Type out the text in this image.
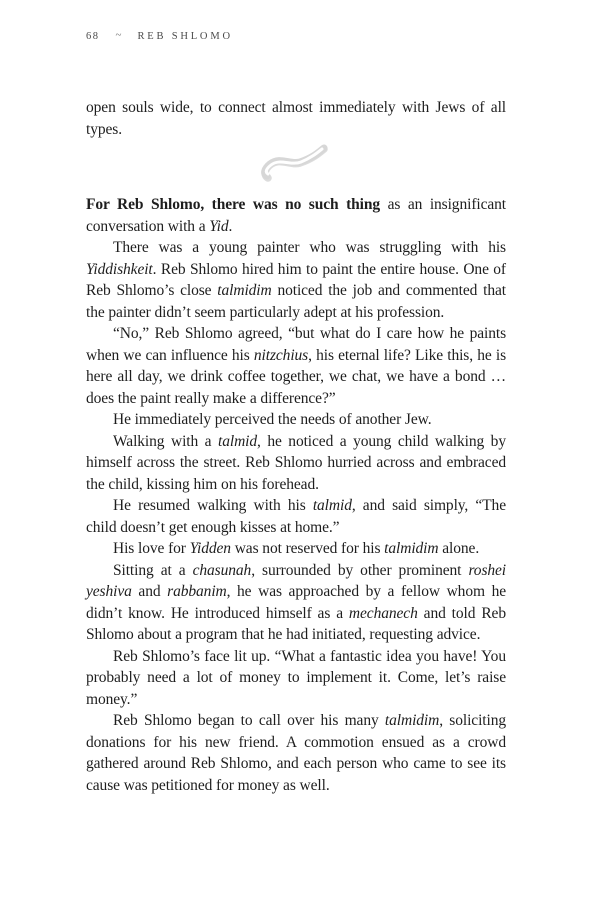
68 ~ REB SHLOMO

open souls wide, to connect almost immediately with Jews of all types.

For Reb Shlomo, there was no such thing as an insignificant conversation with a Yid.

There was a young painter who was struggling with his Yiddishkeit. Reb Shlomo hired him to paint the entire house. One of Reb Shlomo’s close talmidim noticed the job and commented that the painter didn’t seem particularly adept at his profession.

“No,” Reb Shlomo agreed, “but what do I care how he paints when we can influence his nitzchius, his eternal life? Like this, he is here all day, we drink coffee together, we chat, we have a bond … does the paint really make a difference?”

He immediately perceived the needs of another Jew.

Walking with a talmid, he noticed a young child walking by himself across the street. Reb Shlomo hurried across and embraced the child, kissing him on his forehead.

He resumed walking with his talmid, and said simply, “The child doesn’t get enough kisses at home.”

His love for Yidden was not reserved for his talmidim alone.

Sitting at a chasunah, surrounded by other prominent roshei yeshiva and rabbanim, he was approached by a fellow whom he didn’t know. He introduced himself as a mechanech and told Reb Shlomo about a program that he had initiated, requesting advice.

Reb Shlomo’s face lit up. “What a fantastic idea you have! You probably need a lot of money to implement it. Come, let’s raise money.”

Reb Shlomo began to call over his many talmidim, soliciting donations for his new friend. A commotion ensued as a crowd gathered around Reb Shlomo, and each person who came to see its cause was petitioned for money as well.
